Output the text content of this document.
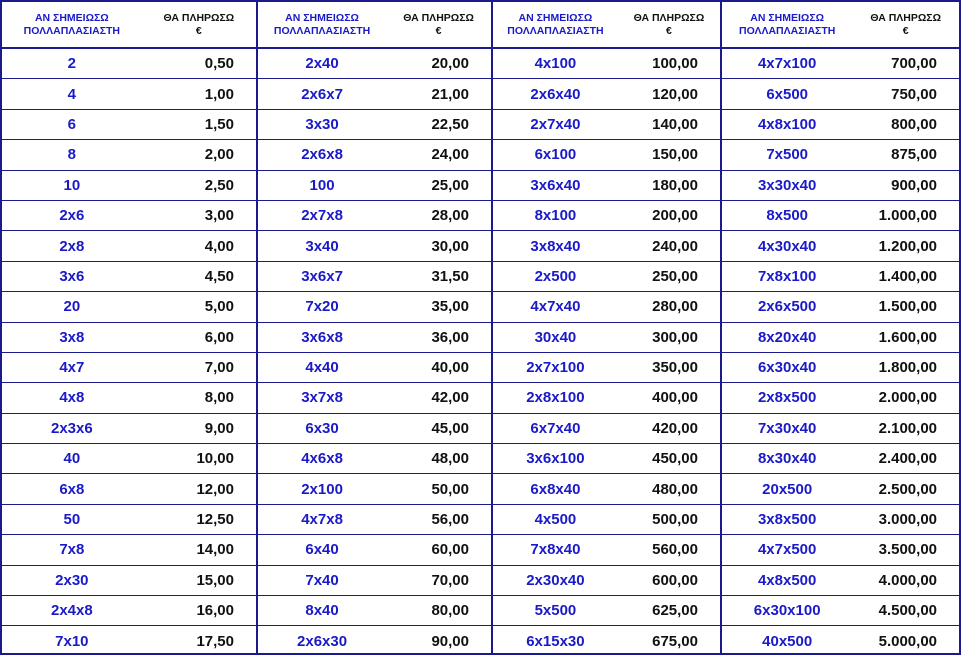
ΑΝ ΣΗΜΕΙΩΣΩ
ΠΟΛΛΑΠΛΑΣΙΑΣΤΗ	ΘΑ ΠΛΗΡΩΣΩ
€

2	0,50
4	1,00
6	1,50
8	2,00
10	2,50
2x6	3,00
2x8	4,00
3x6	4,50
20	5,00
3x8	6,00
4x7	7,00
4x8	8,00
2x3x6	9,00
40	10,00
6x8	12,00
50	12,50
7x8	14,00
2x30	15,00
2x4x8	16,00
7x10	17,50
ΑΝ ΣΗΜΕΙΩΣΩ
ΠΟΛΛΑΠΛΑΣΙΑΣΤΗ	ΘΑ ΠΛΗΡΩΣΩ
€

2x40	20,00
2x6x7	21,00
3x30	22,50
2x6x8	24,00
100	25,00
2x7x8	28,00
3x40	30,00
3x6x7	31,50
7x20	35,00
3x6x8	36,00
4x40	40,00
3x7x8	42,00
6x30	45,00
4x6x8	48,00
2x100	50,00
4x7x8	56,00
6x40	60,00
7x40	70,00
8x40	80,00
2x6x30	90,00
ΑΝ ΣΗΜΕΙΩΣΩ
ΠΟΛΛΑΠΛΑΣΙΑΣΤΗ	ΘΑ ΠΛΗΡΩΣΩ
€

4x100	100,00
2x6x40	120,00
2x7x40	140,00
6x100	150,00
3x6x40	180,00
8x100	200,00
3x8x40	240,00
2x500	250,00
4x7x40	280,00
30x40	300,00
2x7x100	350,00
2x8x100	400,00
6x7x40	420,00
3x6x100	450,00
6x8x40	480,00
4x500	500,00
7x8x40	560,00
2x30x40	600,00
5x500	625,00
6x15x30	675,00
ΑΝ ΣΗΜΕΙΩΣΩ
ΠΟΛΛΑΠΛΑΣΙΑΣΤΗ	ΘΑ ΠΛΗΡΩΣΩ
€

4x7x100	700,00
6x500	750,00
4x8x100	800,00
7x500	875,00
3x30x40	900,00
8x500	1.000,00
4x30x40	1.200,00
7x8x100	1.400,00
2x6x500	1.500,00
8x20x40	1.600,00
6x30x40	1.800,00
2x8x500	2.000,00
7x30x40	2.100,00
8x30x40	2.400,00
20x500	2.500,00
3x8x500	3.000,00
4x7x500	3.500,00
4x8x500	4.000,00
6x30x100	4.500,00
40x500	5.000,00
